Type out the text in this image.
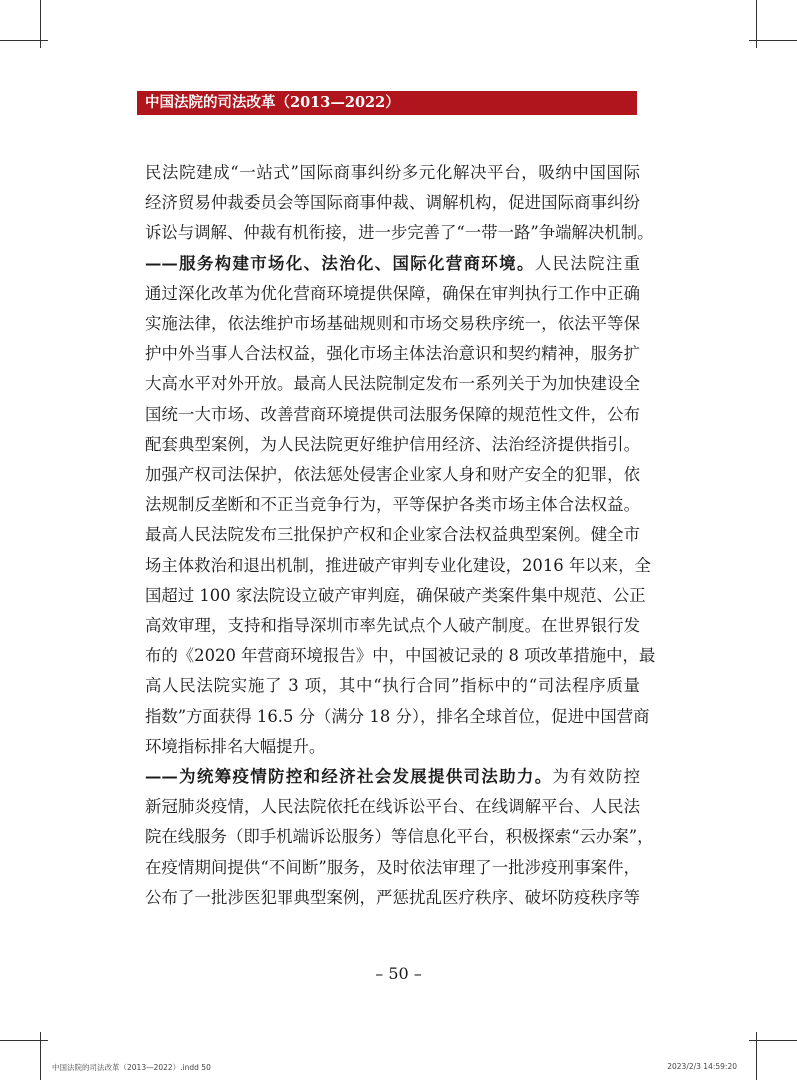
中国法院的司法改革（2013—2022）
民法院建成“一站式”国际商事纠纷多元化解决平台，吸纳中国国际
经济贸易仲裁委员会等国际商事仲裁、调解机构，促进国际商事纠纷
诉讼与调解、仲裁有机衔接，进一步完善了“一带一路”争端解决机制。
——服务构建市场化、法治化、国际化营商环境。人民法院注重
通过深化改革为优化营商环境提供保障，确保在审判执行工作中正确
实施法律，依法维护市场基础规则和市场交易秩序统一，依法平等保
护中外当事人合法权益，强化市场主体法治意识和契约精神，服务扩
大高水平对外开放。最高人民法院制定发布一系列关于为加快建设全
国统一大市场、改善营商环境提供司法服务保障的规范性文件，公布
配套典型案例，为人民法院更好维护信用经济、法治经济提供指引。
加强产权司法保护，依法惩处侵害企业家人身和财产安全的犯罪，依
法规制反垄断和不正当竞争行为，平等保护各类市场主体合法权益。
最高人民法院发布三批保护产权和企业家合法权益典型案例。健全市
场主体救治和退出机制，推进破产审判专业化建设，2016 年以来，全
国超过 100 家法院设立破产审判庭，确保破产类案件集中规范、公正
高效审理，支持和指导深圳市率先试点个人破产制度。在世界银行发
布的《2020 年营商环境报告》中，中国被记录的 8 项改革措施中，最
高人民法院实施了 3 项，其中“执行合同”指标中的“司法程序质量
指数”方面获得 16.5 分（满分 18 分），排名全球首位，促进中国营商
环境指标排名大幅提升。
——为统筹疫情防控和经济社会发展提供司法助力。为有效防控
新冠肺炎疫情，人民法院依托在线诉讼平台、在线调解平台、人民法
院在线服务（即手机端诉讼服务）等信息化平台，积极探索“云办案”，
在疫情期间提供“不间断”服务，及时依法审理了一批涉疫刑事案件，
公布了一批涉医犯罪典型案例，严惩扰乱医疗秩序、破坏防疫秩序等
– 50 –
中国法院的司法改革（2013—2022）.indd 50	2023/2/3 14:59:20
